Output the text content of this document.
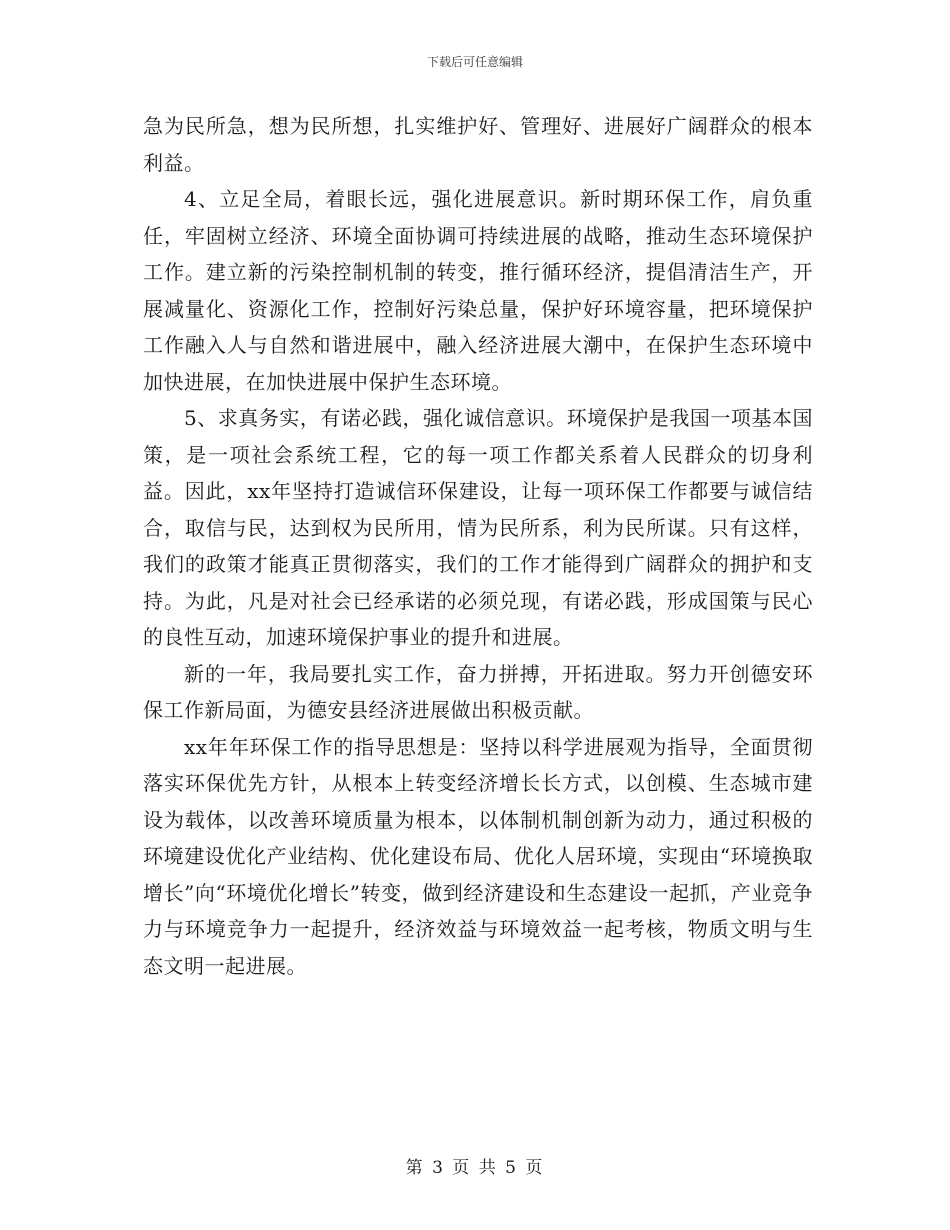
下载后可任意编辑

急为民所急，想为民所想，扎实维护好、管理好、进展好广阔群众的根本利益。

4、立足全局，着眼长远，强化进展意识。新时期环保工作，肩负重任，牢固树立经济、环境全面协调可持续进展的战略，推动生态环境保护工作。建立新的污染控制机制的转变，推行循环经济，提倡清洁生产，开展减量化、资源化工作，控制好污染总量，保护好环境容量，把环境保护工作融入人与自然和谐进展中，融入经济进展大潮中，在保护生态环境中加快进展，在加快进展中保护生态环境。

5、求真务实，有诺必践，强化诚信意识。环境保护是我国一项基本国策，是一项社会系统工程，它的每一项工作都关系着人民群众的切身利益。因此，xx年坚持打造诚信环保建设，让每一项环保工作都要与诚信结合，取信与民，达到权为民所用，情为民所系，利为民所谋。只有这样，我们的政策才能真正贯彻落实，我们的工作才能得到广阔群众的拥护和支持。为此，凡是对社会已经承诺的必须兑现，有诺必践，形成国策与民心的良性互动，加速环境保护事业的提升和进展。

新的一年，我局要扎实工作，奋力拼搏，开拓进取。努力开创德安环保工作新局面，为德安县经济进展做出积极贡献。

xx年年环保工作的指导思想是：坚持以科学进展观为指导，全面贯彻落实环保优先方针，从根本上转变经济增长长方式，以创模、生态城市建设为载体，以改善环境质量为根本，以体制机制创新为动力，通过积极的环境建设优化产业结构、优化建设布局、优化人居环境，实现由“环境换取增长”向“环境优化增长”转变，做到经济建设和生态建设一起抓，产业竞争力与环境竞争力一起提升，经济效益与环境效益一起考核，物质文明与生态文明一起进展。

第 3 页 共 5 页
